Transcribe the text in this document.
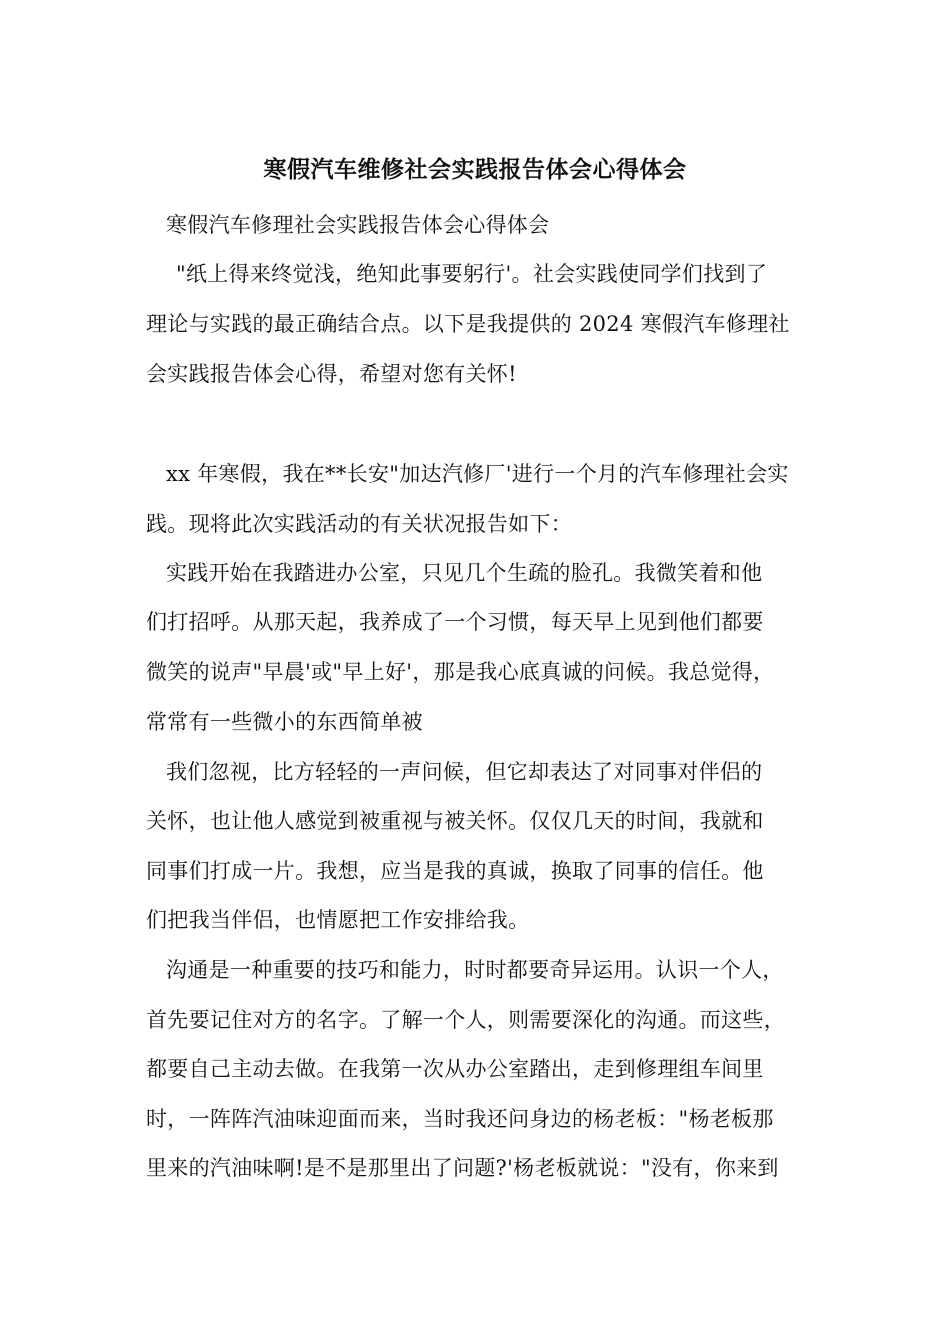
寒假汽车维修社会实践报告体会心得体会
寒假汽车修理社会实践报告体会心得体会
"纸上得来终觉浅，绝知此事要躬行'。社会实践使同学们找到了
理论与实践的最正确结合点。以下是我提供的 2024 寒假汽车修理社
会实践报告体会心得，希望对您有关怀!
xx 年寒假，我在**长安"加达汽修厂'进行一个月的汽车修理社会实
践。现将此次实践活动的有关状况报告如下：
实践开始在我踏进办公室，只见几个生疏的脸孔。我微笑着和他
们打招呼。从那天起，我养成了一个习惯，每天早上见到他们都要
微笑的说声"早晨'或"早上好'，那是我心底真诚的问候。我总觉得，
常常有一些微小的东西简单被
我们忽视，比方轻轻的一声问候，但它却表达了对同事对伴侣的
关怀，也让他人感觉到被重视与被关怀。仅仅几天的时间，我就和
同事们打成一片。我想，应当是我的真诚，换取了同事的信任。他
们把我当伴侣，也情愿把工作安排给我。
沟通是一种重要的技巧和能力，时时都要奇异运用。认识一个人，
首先要记住对方的名字。了解一个人，则需要深化的沟通。而这些，
都要自己主动去做。在我第一次从办公室踏出，走到修理组车间里
时，一阵阵汽油味迎面而来，当时我还问身边的杨老板："杨老板那
里来的汽油味啊!是不是那里出了问题?'杨老板就说："没有，你来到
